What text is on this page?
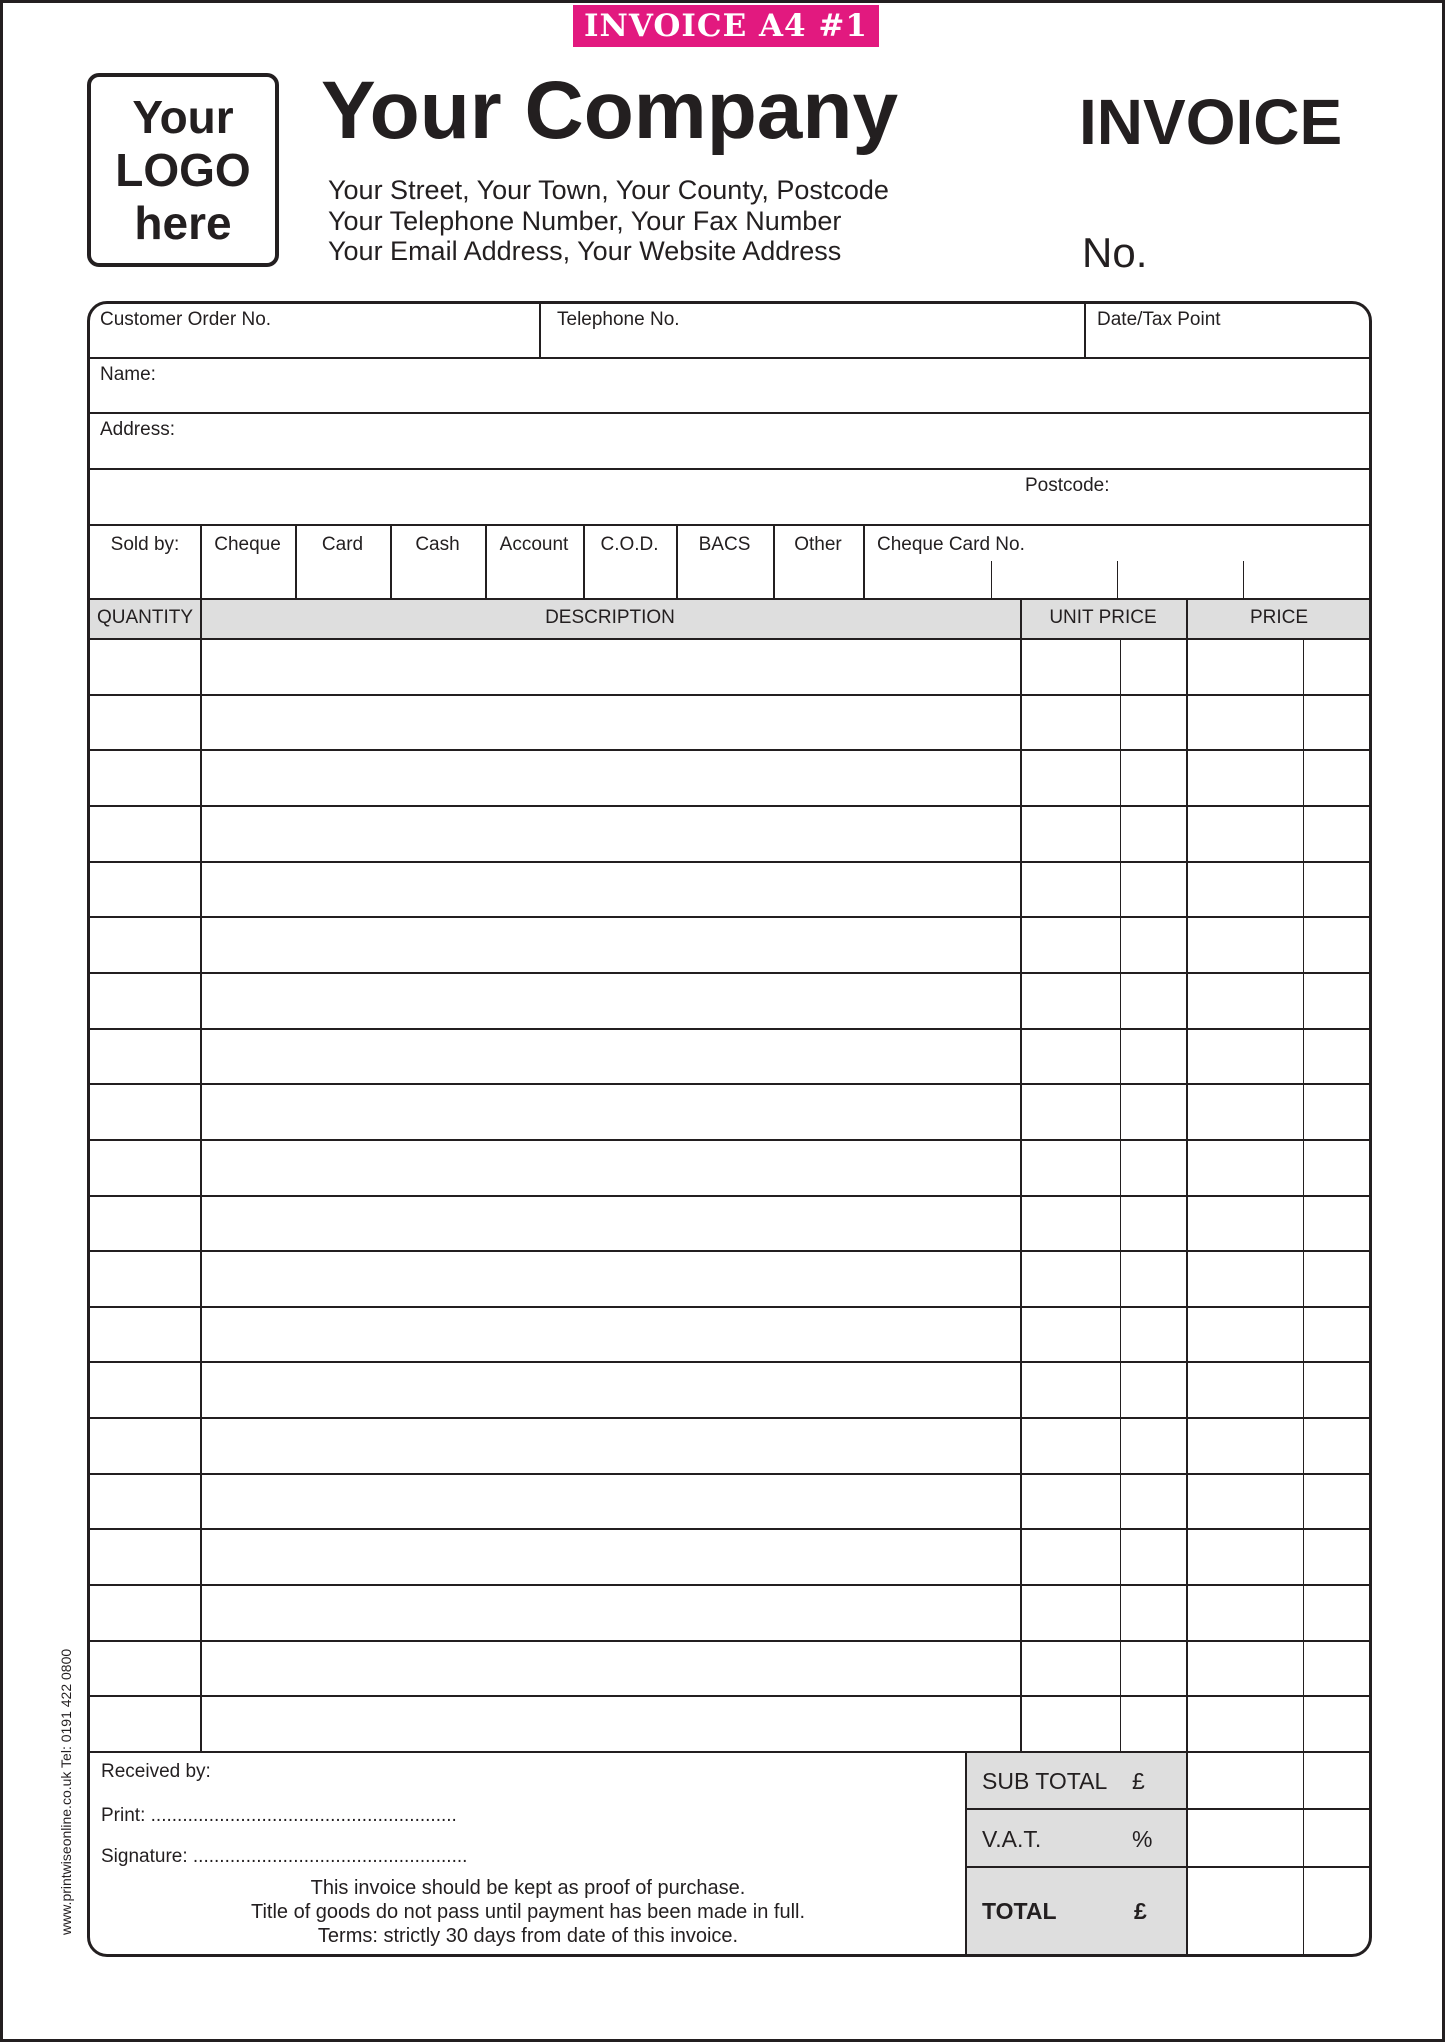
INVOICE A4 #1
Your
LOGO
here
Your Company
Your Street, Your Town, Your County, Postcode
Your Telephone Number, Your Fax Number
Your Email Address, Your Website Address
INVOICE
No.
Customer Order No.	Telephone No.	Date/Tax Point
Name:
Address:
Postcode:
Sold by:	Cheque	Card	Cash	Account	C.O.D.	BACS	Other	Cheque Card No.
QUANTITY	DESCRIPTION	UNIT PRICE	PRICE
Received by:
Print: ..........................................................
Signature: ....................................................
This invoice should be kept as proof of purchase.
Title of goods do not pass until payment has been made in full.
Terms: strictly 30 days from date of this invoice.
SUB TOTAL £
V.A.T.	%
TOTAL	£
www.printwiseonline.co.uk Tel: 0191 422 0800
